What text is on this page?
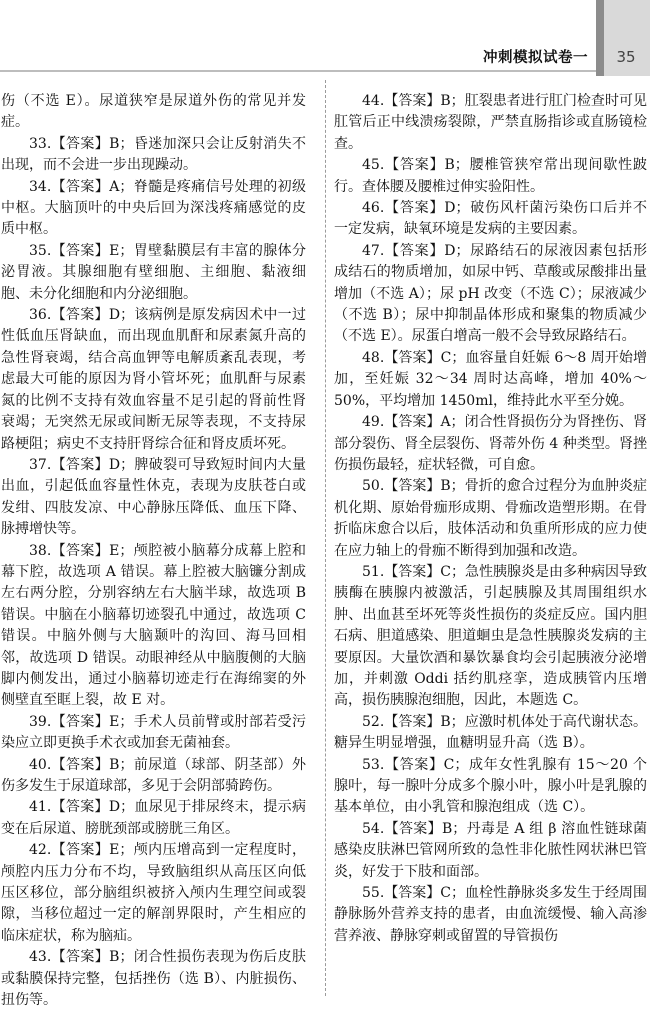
冲刺模拟试卷一	35

伤（不选 E）。尿道狭窄是尿道外伤的常见并发症。

33.【答案】B；昏迷加深只会让反射消失不出现，而不会进一步出现躁动。

34.【答案】A；脊髓是疼痛信号处理的初级中枢。大脑顶叶的中央后回为深浅疼痛感觉的皮质中枢。

35.【答案】E；胃壁黏膜层有丰富的腺体分泌胃液。其腺细胞有壁细胞、主细胞、黏液细胞、未分化细胞和内分泌细胞。

36.【答案】D；该病例是原发病因术中一过性低血压肾缺血，而出现血肌酐和尿素氮升高的急性肾衰竭，结合高血钾等电解质紊乱表现，考虑最大可能的原因为肾小管坏死；血肌酐与尿素氮的比例不支持有效血容量不足引起的肾前性肾衰竭；无突然无尿或间断无尿等表现，不支持尿路梗阻；病史不支持肝肾综合征和肾皮质坏死。

37.【答案】D；脾破裂可导致短时间内大量出血，引起低血容量性休克，表现为皮肤苍白或发绀、四肢发凉、中心静脉压降低、血压下降、脉搏增快等。

38.【答案】E；颅腔被小脑幕分成幕上腔和幕下腔，故选项 A 错误。幕上腔被大脑镰分割成左右两分腔，分别容纳左右大脑半球，故选项 B 错误。中脑在小脑幕切迹裂孔中通过，故选项 C 错误。中脑外侧与大脑颞叶的沟回、海马回相邻，故选项 D 错误。动眼神经从中脑腹侧的大脑脚内侧发出，通过小脑幕切迹走行在海绵窦的外侧壁直至眶上裂，故 E 对。

39.【答案】E；手术人员前臂或肘部若受污染应立即更换手术衣或加套无菌袖套。

40.【答案】B；前尿道（球部、阴茎部）外伤多发生于尿道球部，多见于会阴部骑跨伤。

41.【答案】D；血尿见于排尿终末，提示病变在后尿道、膀胱颈部或膀胱三角区。

42.【答案】E；颅内压增高到一定程度时，颅腔内压力分布不均，导致脑组织从高压区向低压区移位，部分脑组织被挤入颅内生理空间或裂隙，当移位超过一定的解剖界限时，产生相应的临床症状，称为脑疝。

43.【答案】B；闭合性损伤表现为伤后皮肤或黏膜保持完整，包括挫伤（选 B）、内脏损伤、扭伤等。

44.【答案】B；肛裂患者进行肛门检查时可见肛管后正中线溃疡裂隙，严禁直肠指诊或直肠镜检查。

45.【答案】B；腰椎管狭窄常出现间歇性跛行。查体腰及腰椎过伸实验阳性。

46.【答案】D；破伤风杆菌污染伤口后并不一定发病，缺氧环境是发病的主要因素。

47.【答案】D；尿路结石的尿液因素包括形成结石的物质增加，如尿中钙、草酸或尿酸排出量增加（不选 A）；尿 pH 改变（不选 C）；尿液减少（不选 B）；尿中抑制晶体形成和聚集的物质减少（不选 E）。尿蛋白增高一般不会导致尿路结石。

48.【答案】C；血容量自妊娠 6～8 周开始增加，至妊娠 32～34 周时达高峰，增加 40%～50%，平均增加 1450ml，维持此水平至分娩。

49.【答案】A；闭合性肾损伤分为肾挫伤、肾部分裂伤、肾全层裂伤、肾蒂外伤 4 种类型。肾挫伤损伤最轻，症状轻微，可自愈。

50.【答案】B；骨折的愈合过程分为血肿炎症机化期、原始骨痂形成期、骨痂改造塑形期。在骨折临床愈合以后，肢体活动和负重所形成的应力使在应力轴上的骨痂不断得到加强和改造。

51.【答案】C；急性胰腺炎是由多种病因导致胰酶在胰腺内被激活，引起胰腺及其周围组织水肿、出血甚至坏死等炎性损伤的炎症反应。国内胆石病、胆道感染、胆道蛔虫是急性胰腺炎发病的主要原因。大量饮酒和暴饮暴食均会引起胰液分泌增加，并刺激 Oddi 括约肌痉挛，造成胰管内压增高，损伤胰腺泡细胞，因此，本题选 C。

52.【答案】B；应激时机体处于高代谢状态。糖异生明显增强，血糖明显升高（选 B）。

53.【答案】C；成年女性乳腺有 15～20 个腺叶，每一腺叶分成多个腺小叶，腺小叶是乳腺的基本单位，由小乳管和腺泡组成（选 C）。

54.【答案】B；丹毒是 A 组 β 溶血性链球菌感染皮肤淋巴管网所致的急性非化脓性网状淋巴管炎，好发于下肢和面部。

55.【答案】C；血栓性静脉炎多发生于经周围静脉肠外营养支持的患者，由血流缓慢、输入高渗营养液、静脉穿刺或留置的导管损伤
